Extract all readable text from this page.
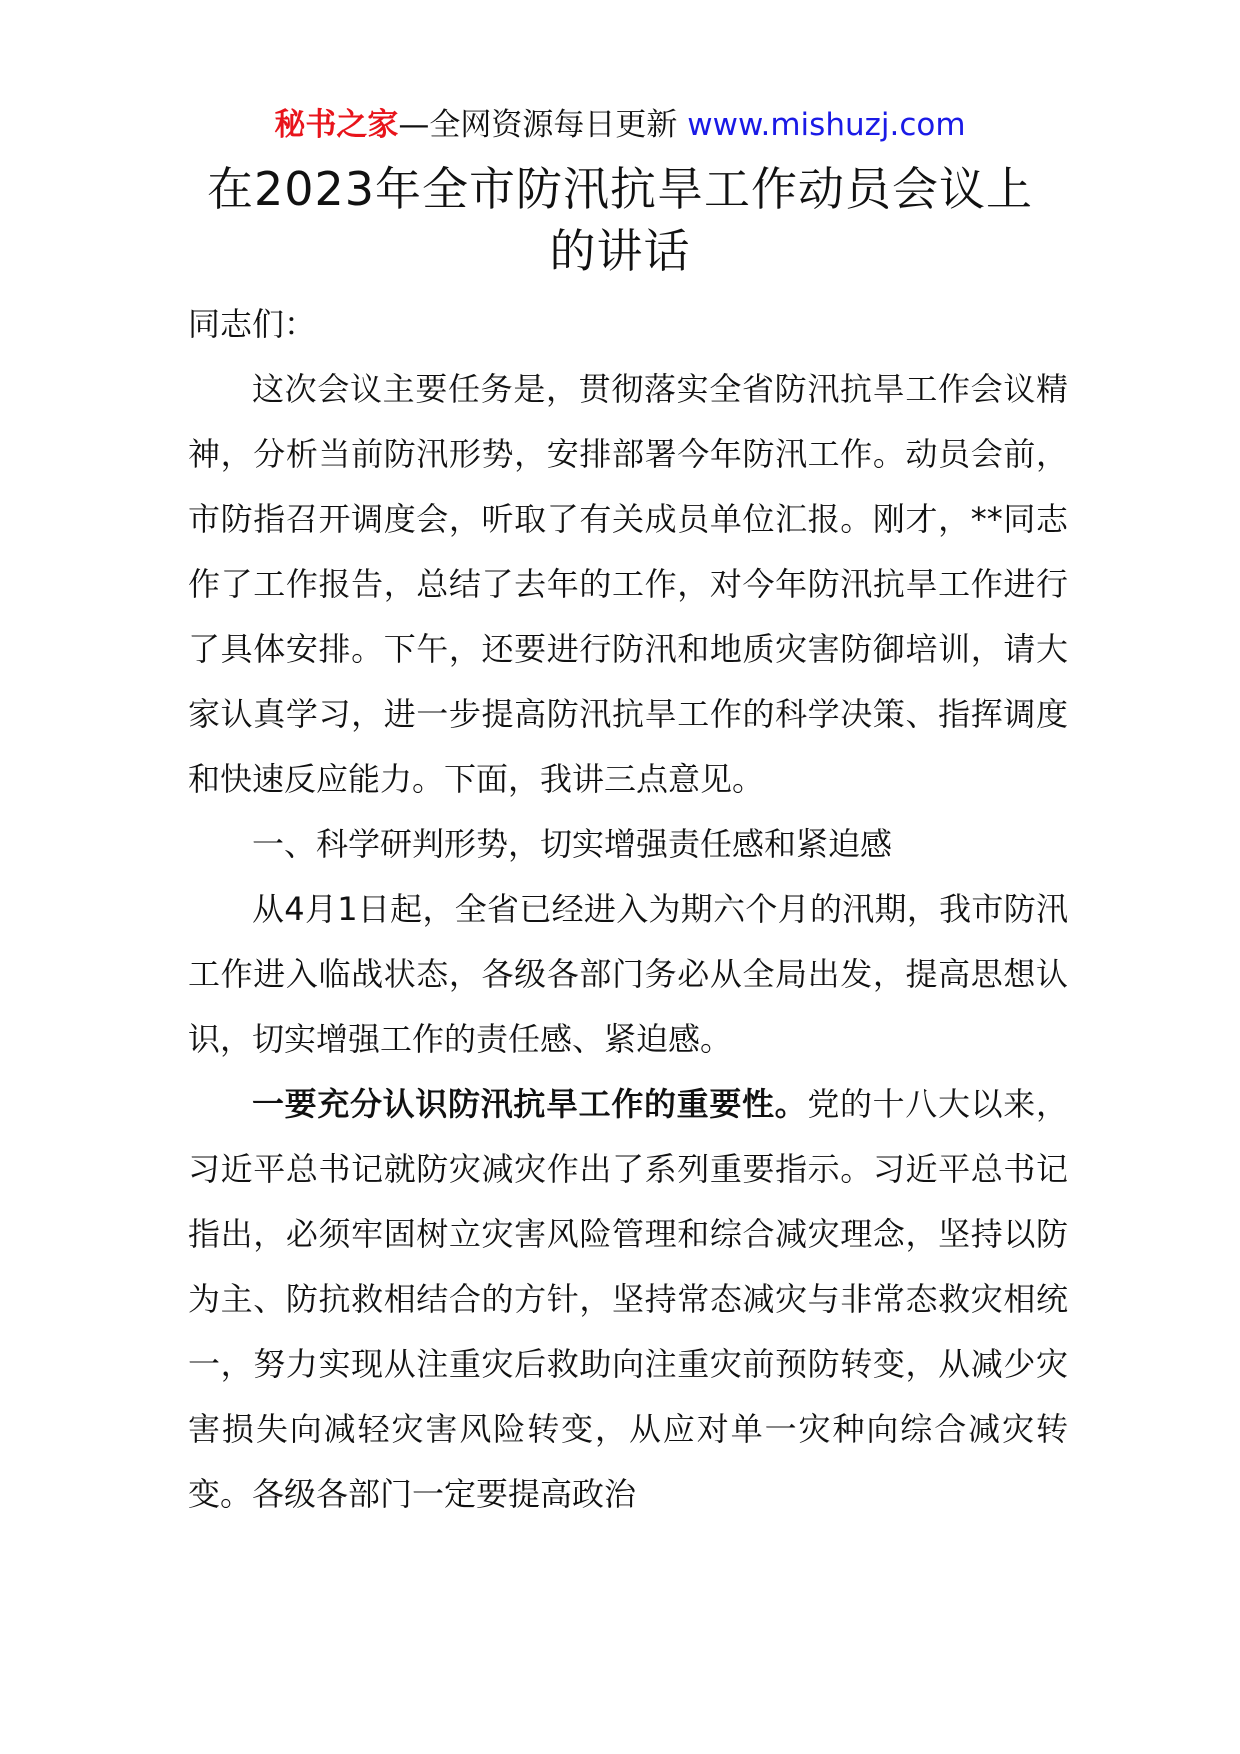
秘书之家—全网资源每日更新 www.mishuzj.com
在2023年全市防汛抗旱工作动员会议上的讲话

同志们：

这次会议主要任务是，贯彻落实全省防汛抗旱工作会议精神，分析当前防汛形势，安排部署今年防汛工作。动员会前，市防指召开调度会，听取了有关成员单位汇报。刚才，**同志作了工作报告，总结了去年的工作，对今年防汛抗旱工作进行了具体安排。下午，还要进行防汛和地质灾害防御培训，请大家认真学习，进一步提高防汛抗旱工作的科学决策、指挥调度和快速反应能力。下面，我讲三点意见。

一、科学研判形势，切实增强责任感和紧迫感

从4月1日起，全省已经进入为期六个月的汛期，我市防汛工作进入临战状态，各级各部门务必从全局出发，提高思想认识，切实增强工作的责任感、紧迫感。

一要充分认识防汛抗旱工作的重要性。党的十八大以来，习近平总书记就防灾减灾作出了系列重要指示。习近平总书记指出，必须牢固树立灾害风险管理和综合减灾理念，坚持以防为主、防抗救相结合的方针，坚持常态减灾与非常态救灾相统一，努力实现从注重灾后救助向注重灾前预防转变，从减少灾害损失向减轻灾害风险转变，从应对单一灾种向综合减灾转变。各级各部门一定要提高政治
